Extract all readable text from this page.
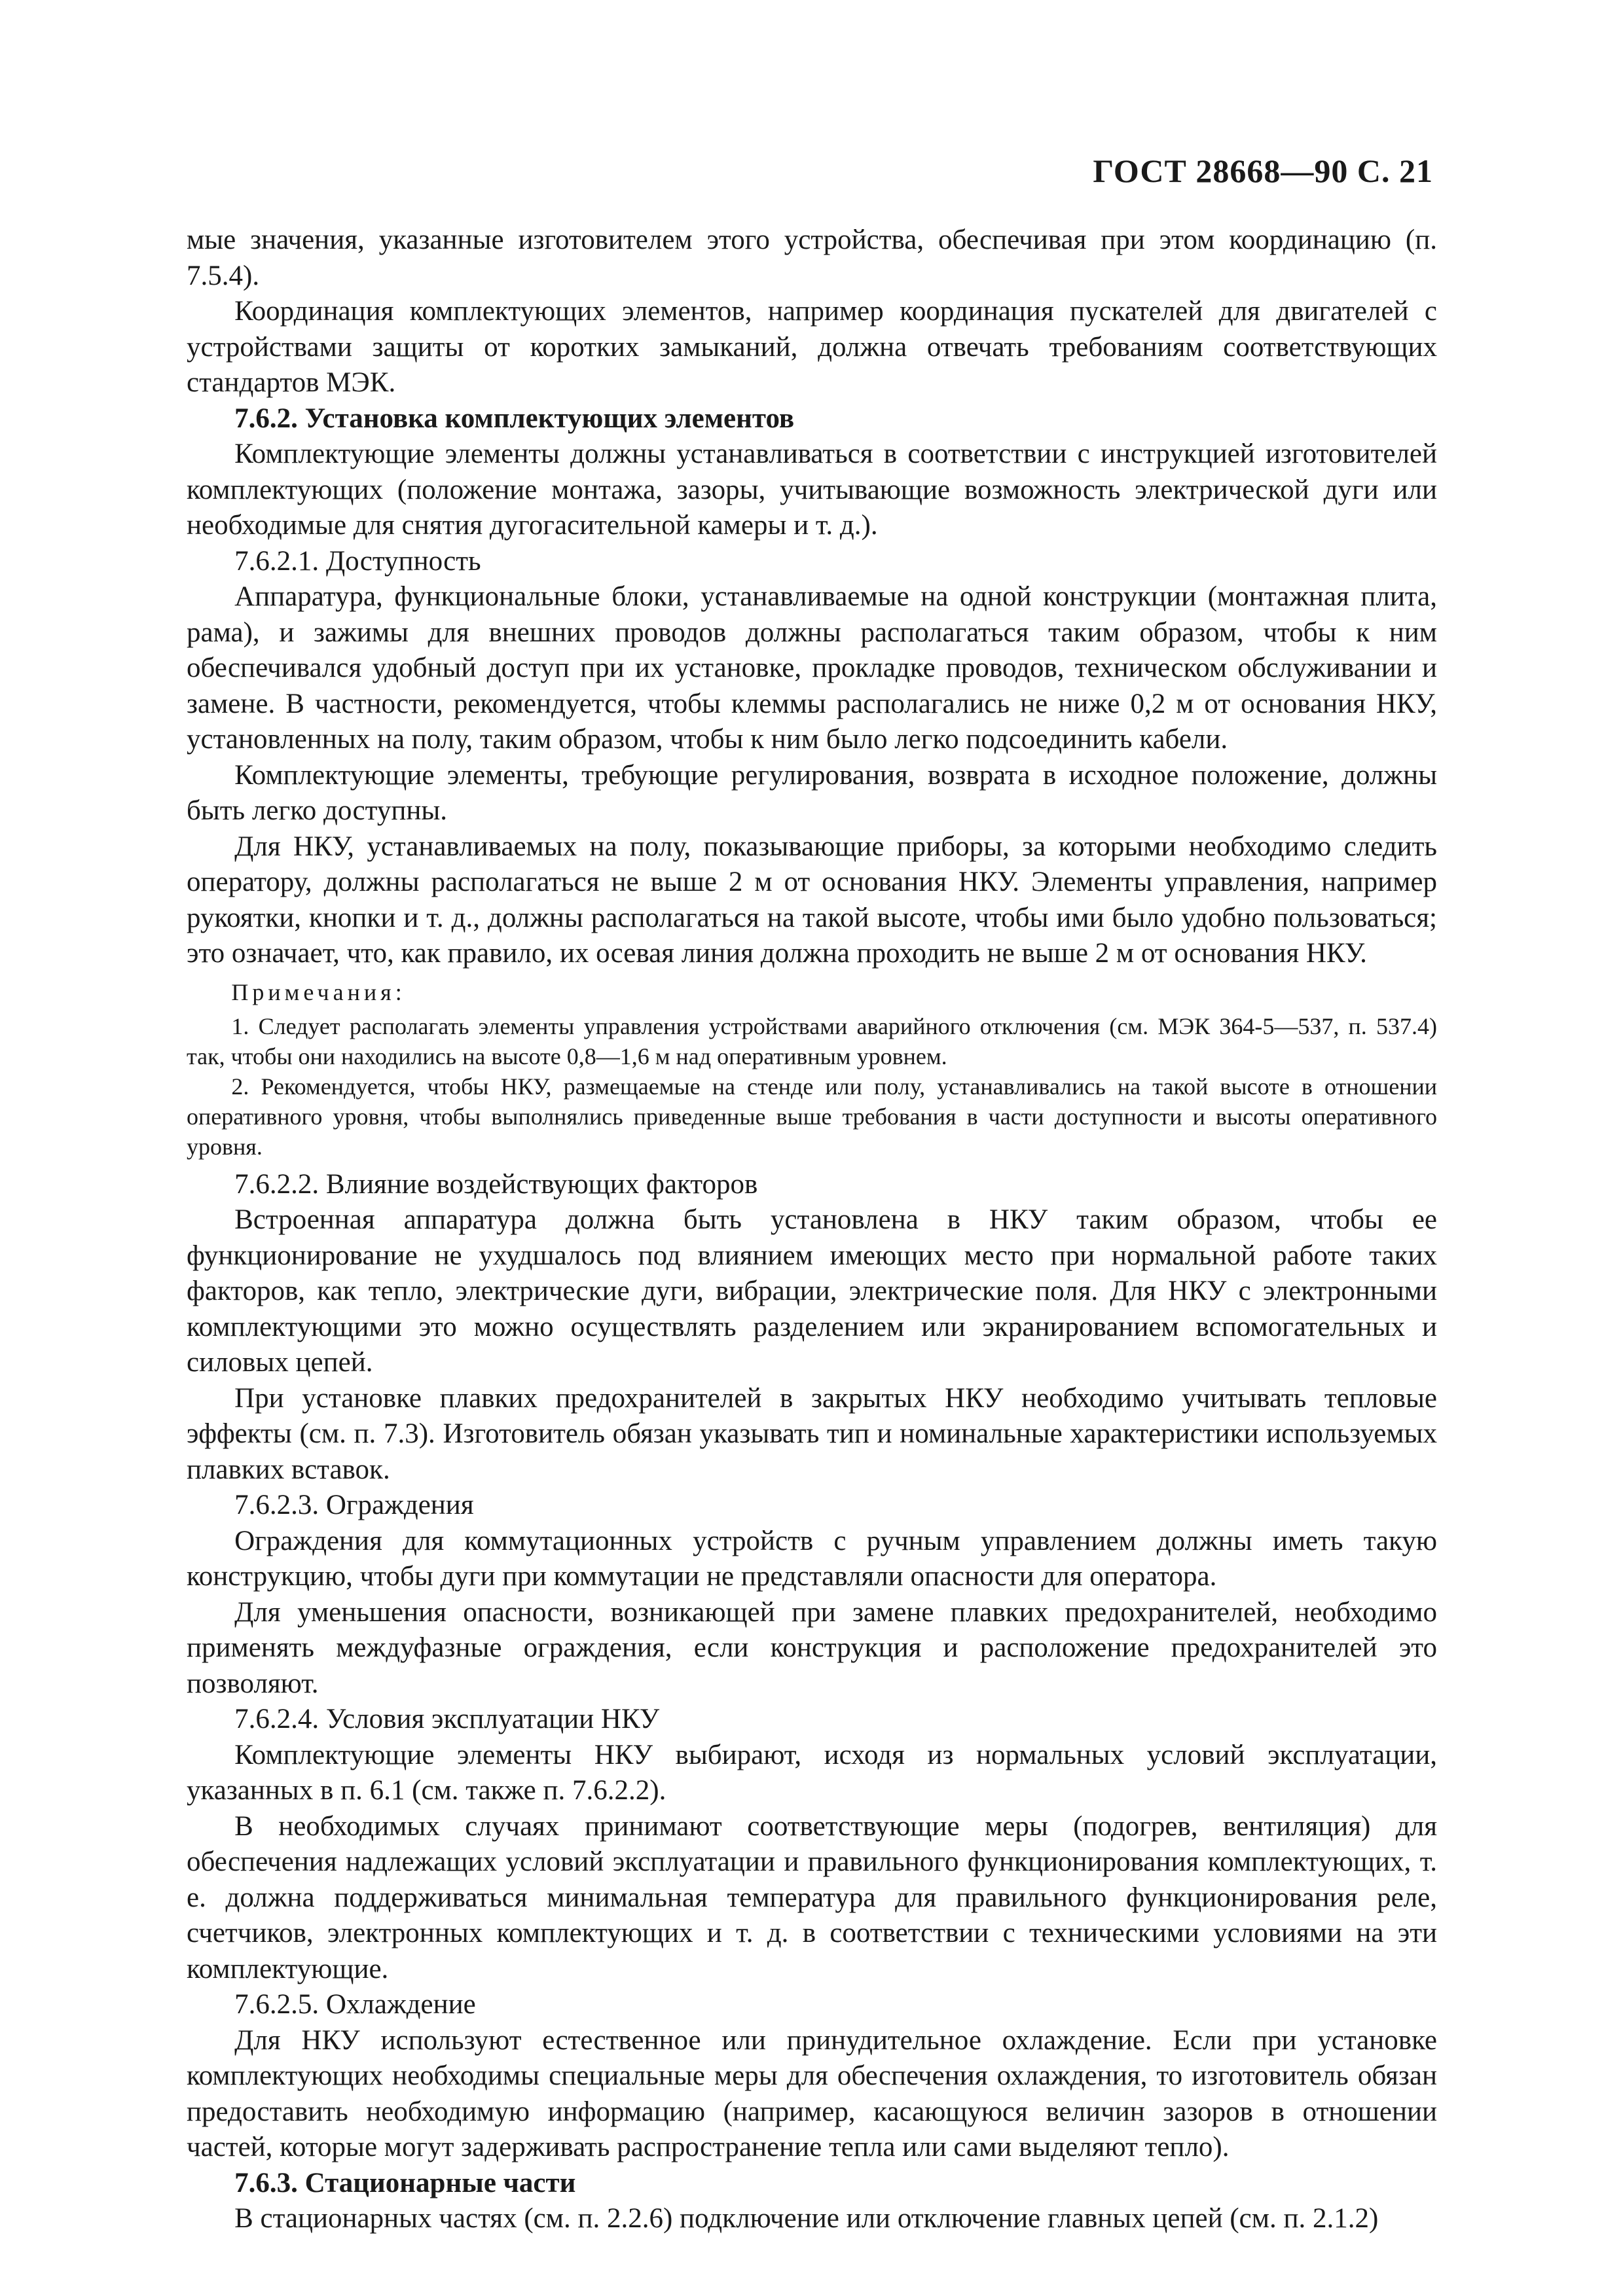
ГОСТ 28668—90 С. 21

мые значения, указанные изготовителем этого устройства, обеспечивая при этом координацию (п. 7.5.4).

Координация комплектующих элементов, например координация пускателей для двигателей с устройствами защиты от коротких замыканий, должна отвечать требованиям соответствующих стандартов МЭК.

7.6.2. Установка комплектующих элементов

Комплектующие элементы должны устанавливаться в соответствии с инструкцией изготовителей комплектующих (положение монтажа, зазоры, учитывающие возможность электрической дуги или необходимые для снятия дугогасительной камеры и т. д.).

7.6.2.1. Доступность

Аппаратура, функциональные блоки, устанавливаемые на одной конструкции (монтажная плита, рама), и зажимы для внешних проводов должны располагаться таким образом, чтобы к ним обеспечивался удобный доступ при их установке, прокладке проводов, техническом обслуживании и замене. В частности, рекомендуется, чтобы клеммы располагались не ниже 0,2 м от основания НКУ, установленных на полу, таким образом, чтобы к ним было легко подсоединить кабели.

Комплектующие элементы, требующие регулирования, возврата в исходное положение, должны быть легко доступны.

Для НКУ, устанавливаемых на полу, показывающие приборы, за которыми необходимо следить оператору, должны располагаться не выше 2 м от основания НКУ. Элементы управления, например рукоятки, кнопки и т. д., должны располагаться на такой высоте, чтобы ими было удобно пользоваться; это означает, что, как правило, их осевая линия должна проходить не выше 2 м от основания НКУ.

Примечания:

1. Следует располагать элементы управления устройствами аварийного отключения (см. МЭК 364-5—537, п. 537.4) так, чтобы они находились на высоте 0,8—1,6 м над оперативным уровнем.

2. Рекомендуется, чтобы НКУ, размещаемые на стенде или полу, устанавливались на такой высоте в отношении оперативного уровня, чтобы выполнялись приведенные выше требования в части доступности и высоты оперативного уровня.

7.6.2.2. Влияние воздействующих факторов

Встроенная аппаратура должна быть установлена в НКУ таким образом, чтобы ее функционирование не ухудшалось под влиянием имеющих место при нормальной работе таких факторов, как тепло, электрические дуги, вибрации, электрические поля. Для НКУ с электронными комплектующими это можно осуществлять разделением или экранированием вспомогательных и силовых цепей.

При установке плавких предохранителей в закрытых НКУ необходимо учитывать тепловые эффекты (см. п. 7.3). Изготовитель обязан указывать тип и номинальные характеристики используемых плавких вставок.

7.6.2.3. Ограждения

Ограждения для коммутационных устройств с ручным управлением должны иметь такую конструкцию, чтобы дуги при коммутации не представляли опасности для оператора.

Для уменьшения опасности, возникающей при замене плавких предохранителей, необходимо применять междуфазные ограждения, если конструкция и расположение предохранителей это позволяют.

7.6.2.4. Условия эксплуатации НКУ

Комплектующие элементы НКУ выбирают, исходя из нормальных условий эксплуатации, указанных в п. 6.1 (см. также п. 7.6.2.2).

В необходимых случаях принимают соответствующие меры (подогрев, вентиляция) для обеспечения надлежащих условий эксплуатации и правильного функционирования комплектующих, т. е. должна поддерживаться минимальная температура для правильного функционирования реле, счетчиков, электронных комплектующих и т. д. в соответствии с техническими условиями на эти комплектующие.

7.6.2.5. Охлаждение

Для НКУ используют естественное или принудительное охлаждение. Если при установке комплектующих необходимы специальные меры для обеспечения охлаждения, то изготовитель обязан предоставить необходимую информацию (например, касающуюся величин зазоров в отношении частей, которые могут задерживать распространение тепла или сами выделяют тепло).

7.6.3. Стационарные части

В стационарных частях (см. п. 2.2.6) подключение или отключение главных цепей (см. п. 2.1.2)
